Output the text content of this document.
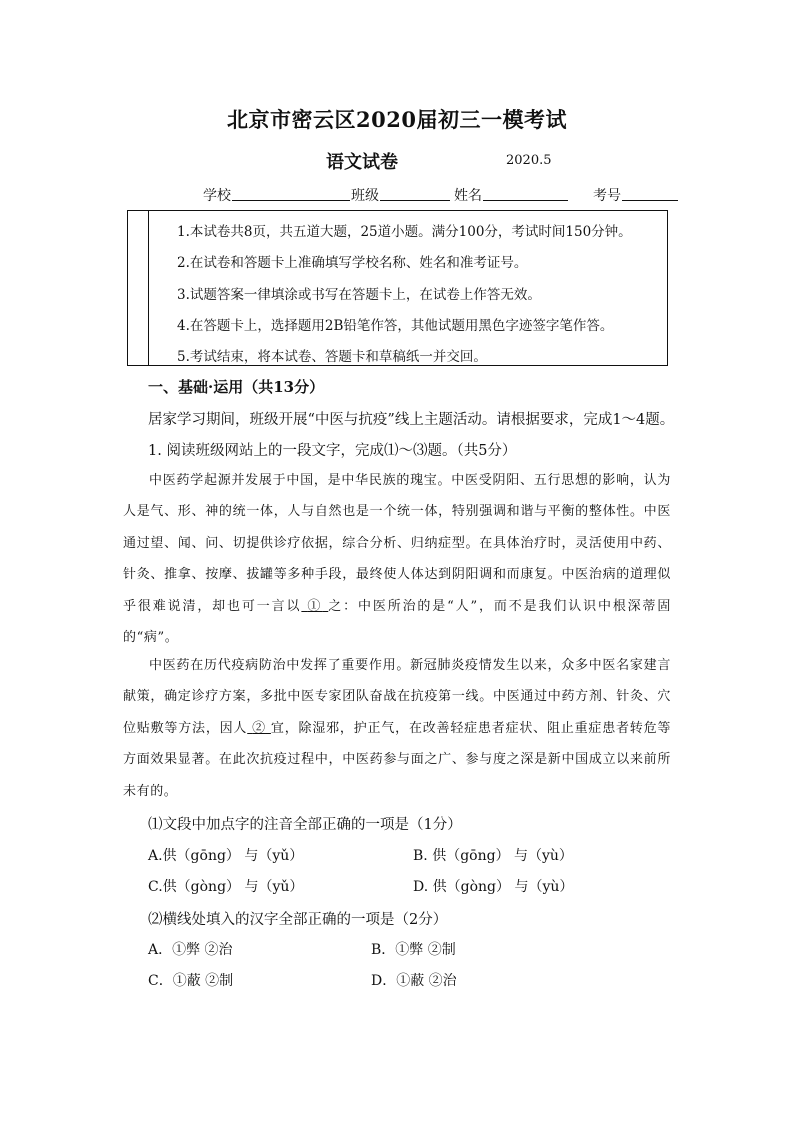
北京市密云区2020届初三一模考试
语文试卷	2020.5
学校	班级	姓名	考号
1.本试卷共8页，共五道大题，25道小题。满分100分，考试时间150分钟。
2.在试卷和答题卡上准确填写学校名称、姓名和准考证号。
3.试题答案一律填涂或书写在答题卡上，在试卷上作答无效。
4.在答题卡上，选择题用2B铅笔作答，其他试题用黑色字迹签字笔作答。
5.考试结束，将本试卷、答题卡和草稿纸一并交回。
一、基础·运用（共13分）
居家学习期间，班级开展“中医与抗疫”线上主题活动。请根据要求，完成1～4题。
1. 阅读班级网站上的一段文字，完成⑴～⑶题。（共5分）
中医药学起源并发展于中国，是中华民族的瑰宝。中医受阴阳、五行思想的影响，认为人是气、形、神的统一体，人与自然也是一个统一体，特别强调和谐与平衡的整体性。中医通过望、闻、问、切提供诊疗依据，综合分析、归纳症型。在具体治疗时，灵活使用中药、针灸、推拿、按摩、拔罐等多种手段，最终使人体达到阴阳调和而康复。中医治病的道理似乎很难说清，却也可一言以 ① 之：中医所治的是“人”，而不是我们认识中根深蒂固的“病”。
中医药在历代疫病防治中发挥了重要作用。新冠肺炎疫情发生以来，众多中医名家建言献策，确定诊疗方案，多批中医专家团队奋战在抗疫第一线。中医通过中药方剂、针灸、穴位贴敷等方法，因人 ② 宜，除湿邪，护正气，在改善轻症患者症状、阻止重症患者转危等方面效果显著。在此次抗疫过程中，中医药参与面之广、参与度之深是新中国成立以来前所未有的。
⑴文段中加点字的注音全部正确的一项是（1分）
A.供（gōng） 与（yǔ）	B. 供（gōng） 与（yù）
C.供（gòng） 与（yǔ）	D. 供（gòng） 与（yù）
⑵横线处填入的汉字全部正确的一项是（2分）
A．①弊 ②治	B．①弊 ②制
C．①蔽 ②制	D．①蔽 ②治
